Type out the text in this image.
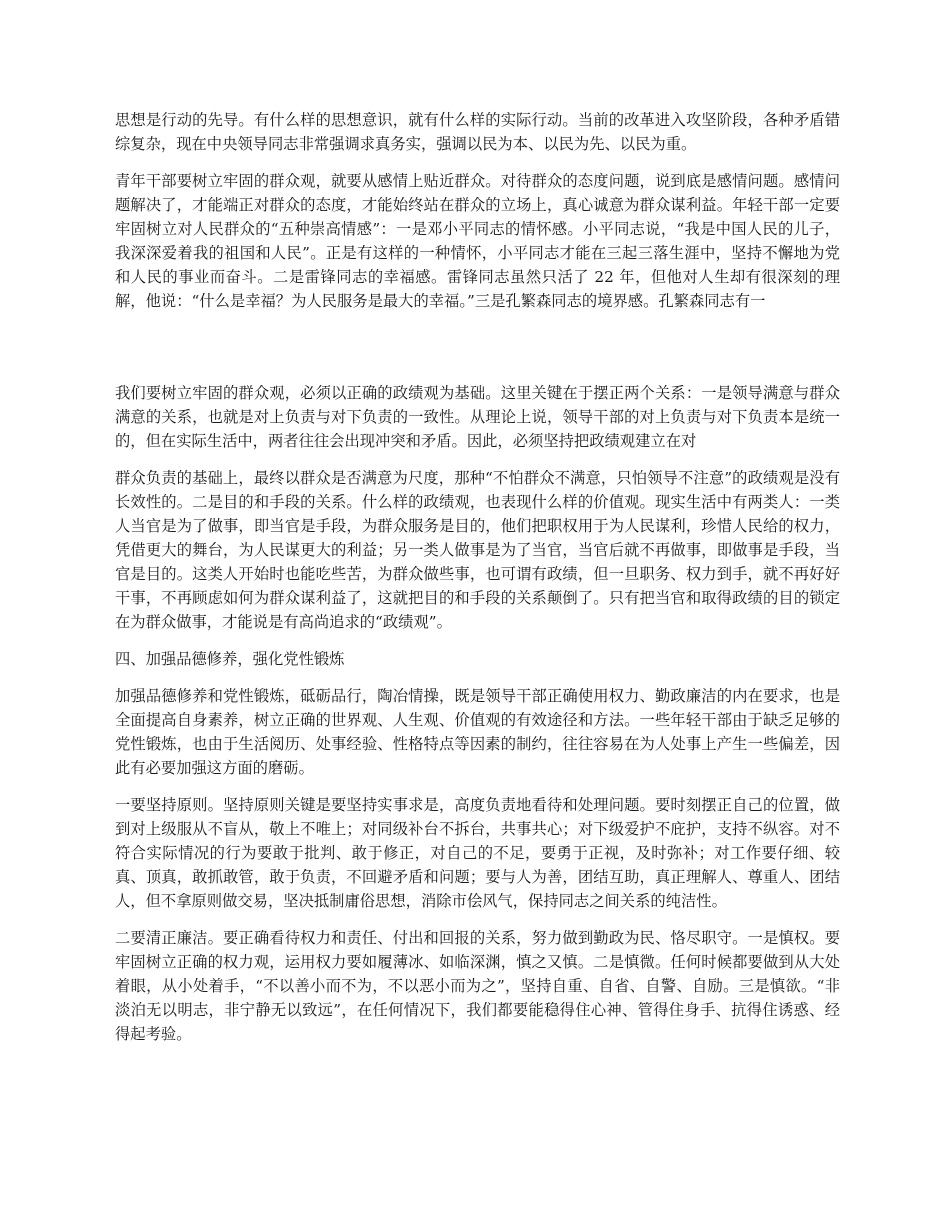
思想是行动的先导。有什么样的思想意识，就有什么样的实际行动。当前的改革进入攻坚阶段，各种矛盾错综复杂，现在中央领导同志非常强调求真务实，强调以民为本、以民为先、以民为重。

青年干部要树立牢固的群众观，就要从感情上贴近群众。对待群众的态度问题，说到底是感情问题。感情问题解决了，才能端正对群众的态度，才能始终站在群众的立场上，真心诚意为群众谋利益。年轻干部一定要牢固树立对人民群众的“五种崇高情感”：一是邓小平同志的情怀感。小平同志说，“我是中国人民的儿子，我深深爱着我的祖国和人民”。正是有这样的一种情怀，小平同志才能在三起三落生涯中，坚持不懈地为党和人民的事业而奋斗。二是雷锋同志的幸福感。雷锋同志虽然只活了 22 年，但他对人生却有很深刻的理解，他说：“什么是幸福？为人民服务是最大的幸福。”三是孔繁森同志的境界感。孔繁森同志有一

我们要树立牢固的群众观，必须以正确的政绩观为基础。这里关键在于摆正两个关系：一是领导满意与群众满意的关系，也就是对上负责与对下负责的一致性。从理论上说，领导干部的对上负责与对下负责本是统一的，但在实际生活中，两者往往会出现冲突和矛盾。因此，必须坚持把政绩观建立在对

群众负责的基础上，最终以群众是否满意为尺度，那种“不怕群众不满意，只怕领导不注意”的政绩观是没有长效性的。二是目的和手段的关系。什么样的政绩观，也表现什么样的价值观。现实生活中有两类人：一类人当官是为了做事，即当官是手段，为群众服务是目的，他们把职权用于为人民谋利，珍惜人民给的权力，凭借更大的舞台，为人民谋更大的利益；另一类人做事是为了当官，当官后就不再做事，即做事是手段，当官是目的。这类人开始时也能吃些苦，为群众做些事，也可谓有政绩，但一旦职务、权力到手，就不再好好干事，不再顾虑如何为群众谋利益了，这就把目的和手段的关系颠倒了。只有把当官和取得政绩的目的锁定在为群众做事，才能说是有高尚追求的“政绩观”。

四、加强品德修养，强化党性锻炼

加强品德修养和党性锻炼，砥砺品行，陶冶情操，既是领导干部正确使用权力、勤政廉洁的内在要求，也是全面提高自身素养，树立正确的世界观、人生观、价值观的有效途径和方法。一些年轻干部由于缺乏足够的党性锻炼，也由于生活阅历、处事经验、性格特点等因素的制约，往往容易在为人处事上产生一些偏差，因此有必要加强这方面的磨砺。

一要坚持原则。坚持原则关键是要坚持实事求是，高度负责地看待和处理问题。要时刻摆正自己的位置，做到对上级服从不盲从，敬上不唯上；对同级补台不拆台，共事共心；对下级爱护不庇护，支持不纵容。对不符合实际情况的行为要敢于批判、敢于修正，对自己的不足，要勇于正视，及时弥补；对工作要仔细、较真、顶真，敢抓敢管，敢于负责，不回避矛盾和问题；要与人为善，团结互助，真正理解人、尊重人、团结人，但不拿原则做交易，坚决抵制庸俗思想，消除市侩风气，保持同志之间关系的纯洁性。

二要清正廉洁。要正确看待权力和责任、付出和回报的关系，努力做到勤政为民、恪尽职守。一是慎权。要牢固树立正确的权力观，运用权力要如履薄冰、如临深渊，慎之又慎。二是慎微。任何时候都要做到从大处着眼，从小处着手，“不以善小而不为，不以恶小而为之”，坚持自重、自省、自警、自励。三是慎欲。“非淡泊无以明志，非宁静无以致远”，在任何情况下，我们都要能稳得住心神、管得住身手、抗得住诱惑、经得起考验。
